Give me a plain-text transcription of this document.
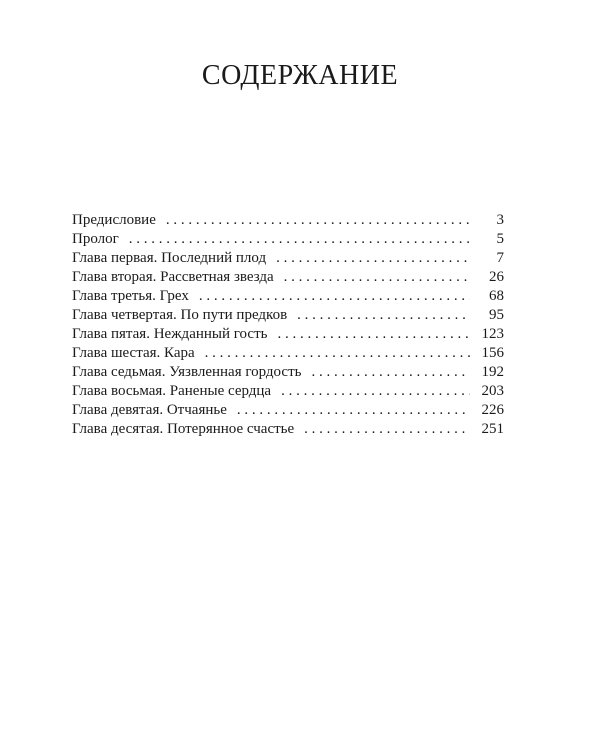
СОДЕРЖАНИЕ
Предисловие . . .	3
Пролог . . .	5
Глава первая. Последний плод . . .	7
Глава вторая. Рассветная звезда . . .	26
Глава третья. Грех . . .	68
Глава четвертая. По пути предков . . .	95
Глава пятая. Нежданный гость . . .	123
Глава шестая. Кара . . .	156
Глава седьмая. Уязвленная гордость . . .	192
Глава восьмая. Раненые сердца . . .	203
Глава девятая. Отчаянье . . .	226
Глава десятая. Потерянное счастье . . .	251
